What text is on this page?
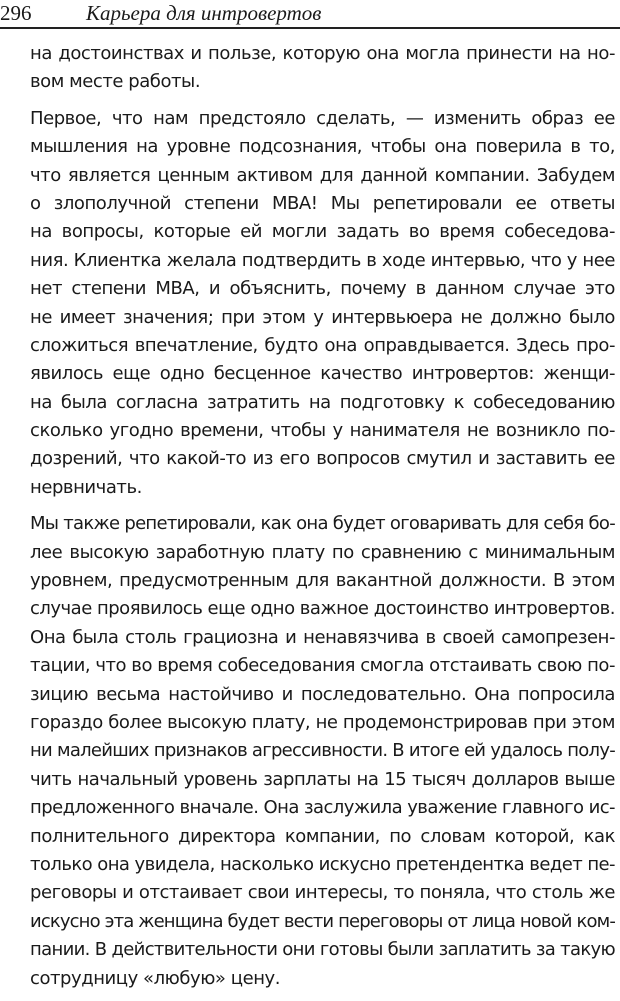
296	Карьера для интровертов
на достоинствах и пользе, которую она могла принести на но-
вом месте работы.
Первое, что нам предстояло сделать, — изменить образ ее
мышления на уровне подсознания, чтобы она поверила в то,
что является ценным активом для данной компании. Забудем
о злополучной степени MBA! Мы репетировали ее ответы
на вопросы, которые ей могли задать во время собеседова-
ния. Клиентка желала подтвердить в ходе интервью, что у нее
нет степени MBA, и объяснить, почему в данном случае это
не имеет значения; при этом у интервьюера не должно было
сложиться впечатление, будто она оправдывается. Здесь про-
явилось еще одно бесценное качество интровертов: женщи-
на была согласна затратить на подготовку к собеседованию
сколько угодно времени, чтобы у нанимателя не возникло по-
дозрений, что какой-то из его вопросов смутил и заставить ее
нервничать.
Мы также репетировали, как она будет оговаривать для себя бо-
лее высокую заработную плату по сравнению с минимальным
уровнем, предусмотренным для вакантной должности. В этом
случае проявилось еще одно важное достоинство интровертов.
Она была столь грациозна и ненавязчива в своей самопрезен-
тации, что во время собеседования смогла отстаивать свою по-
зицию весьма настойчиво и последовательно. Она попросила
гораздо более высокую плату, не продемонстрировав при этом
ни малейших признаков агрессивности. В итоге ей удалось полу-
чить начальный уровень зарплаты на 15 тысяч долларов выше
предложенного вначале. Она заслужила уважение главного ис-
полнительного директора компании, по словам которой, как
только она увидела, насколько искусно претендентка ведет пе-
реговоры и отстаивает свои интересы, то поняла, что столь же
искусно эта женщина будет вести переговоры от лица новой ком-
пании. В действительности они готовы были заплатить за такую
сотрудницу «любую» цену.
